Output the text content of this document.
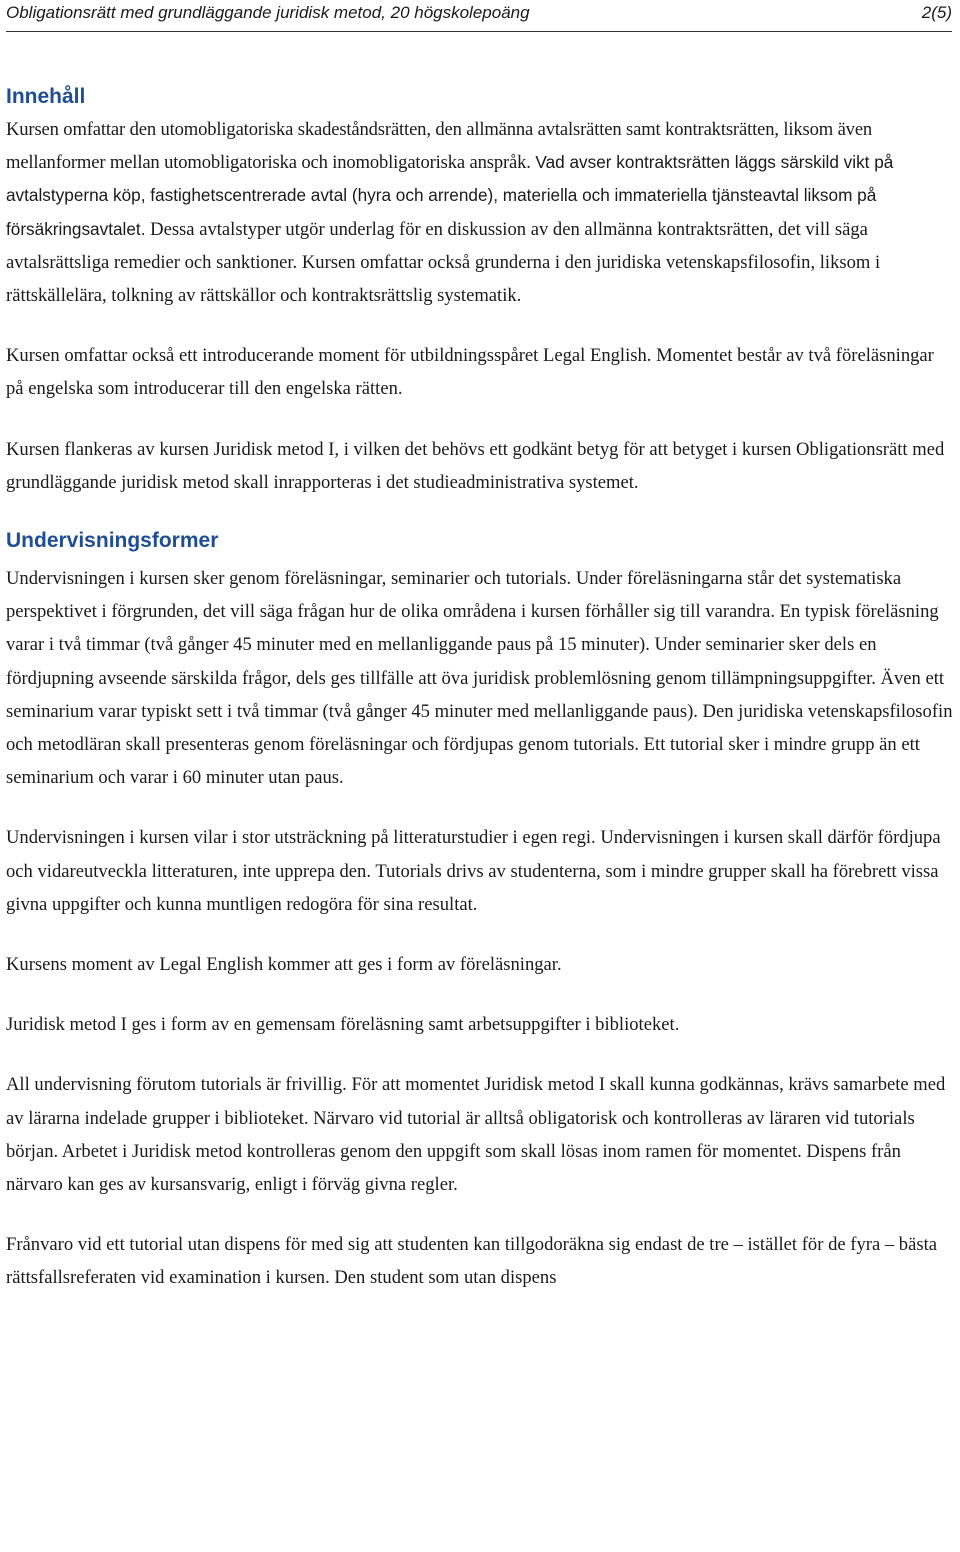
Obligationsrätt med grundläggande juridisk metod, 20 högskolepoäng	2(5)
Innehåll

Kursen omfattar den utomobligatoriska skadeståndsrätten, den allmänna avtalsrätten samt kontraktsrätten, liksom även mellanformer mellan utomobligatoriska och inomobligatoriska anspråk. Vad avser kontraktsrätten läggs särskild vikt på avtalstyperna köp, fastighetscentrerade avtal (hyra och arrende), materiella och immateriella tjänsteavtal liksom på försäkringsavtalet. Dessa avtalstyper utgör underlag för en diskussion av den allmänna kontraktsrätten, det vill säga avtalsrättsliga remedier och sanktioner. Kursen omfattar också grunderna i den juridiska vetenskapsfilosofin, liksom i rättskällelära, tolkning av rättskällor och kontraktsrättslig systematik.

Kursen omfattar också ett introducerande moment för utbildningsspåret Legal English. Momentet består av två föreläsningar på engelska som introducerar till den engelska rätten.

Kursen flankeras av kursen Juridisk metod I, i vilken det behövs ett godkänt betyg för att betyget i kursen Obligationsrätt med grundläggande juridisk metod skall inrapporteras i det studieadministrativa systemet.

Undervisningsformer

Undervisningen i kursen sker genom föreläsningar, seminarier och tutorials. Under föreläsningarna står det systematiska perspektivet i förgrunden, det vill säga frågan hur de olika områdena i kursen förhåller sig till varandra. En typisk föreläsning varar i två timmar (två gånger 45 minuter med en mellanliggande paus på 15 minuter). Under seminarier sker dels en fördjupning avseende särskilda frågor, dels ges tillfälle att öva juridisk problemlösning genom tillämpningsuppgifter. Även ett seminarium varar typiskt sett i två timmar (två gånger 45 minuter med mellanliggande paus). Den juridiska vetenskapsfilosofin och metodläran skall presenteras genom föreläsningar och fördjupas genom tutorials. Ett tutorial sker i mindre grupp än ett seminarium och varar i 60 minuter utan paus.

Undervisningen i kursen vilar i stor utsträckning på litteraturstudier i egen regi. Undervisningen i kursen skall därför fördjupa och vidareutveckla litteraturen, inte upprepa den. Tutorials drivs av studenterna, som i mindre grupper skall ha förebrett vissa givna uppgifter och kunna muntligen redogöra för sina resultat.

Kursens moment av Legal English kommer att ges i form av föreläsningar.

Juridisk metod I ges i form av en gemensam föreläsning samt arbetsuppgifter i biblioteket.

All undervisning förutom tutorials är frivillig. För att momentet Juridisk metod I skall kunna godkännas, krävs samarbete med av lärarna indelade grupper i biblioteket. Närvaro vid tutorial är alltså obligatorisk och kontrolleras av läraren vid tutorials början. Arbetet i Juridisk metod kontrolleras genom den uppgift som skall lösas inom ramen för momentet. Dispens från närvaro kan ges av kursansvarig, enligt i förväg givna regler.

Frånvaro vid ett tutorial utan dispens för med sig att studenten kan tillgodoräkna sig endast de tre – istället för de fyra – bästa rättsfallsreferaten vid examination i kursen. Den student som utan dispens
